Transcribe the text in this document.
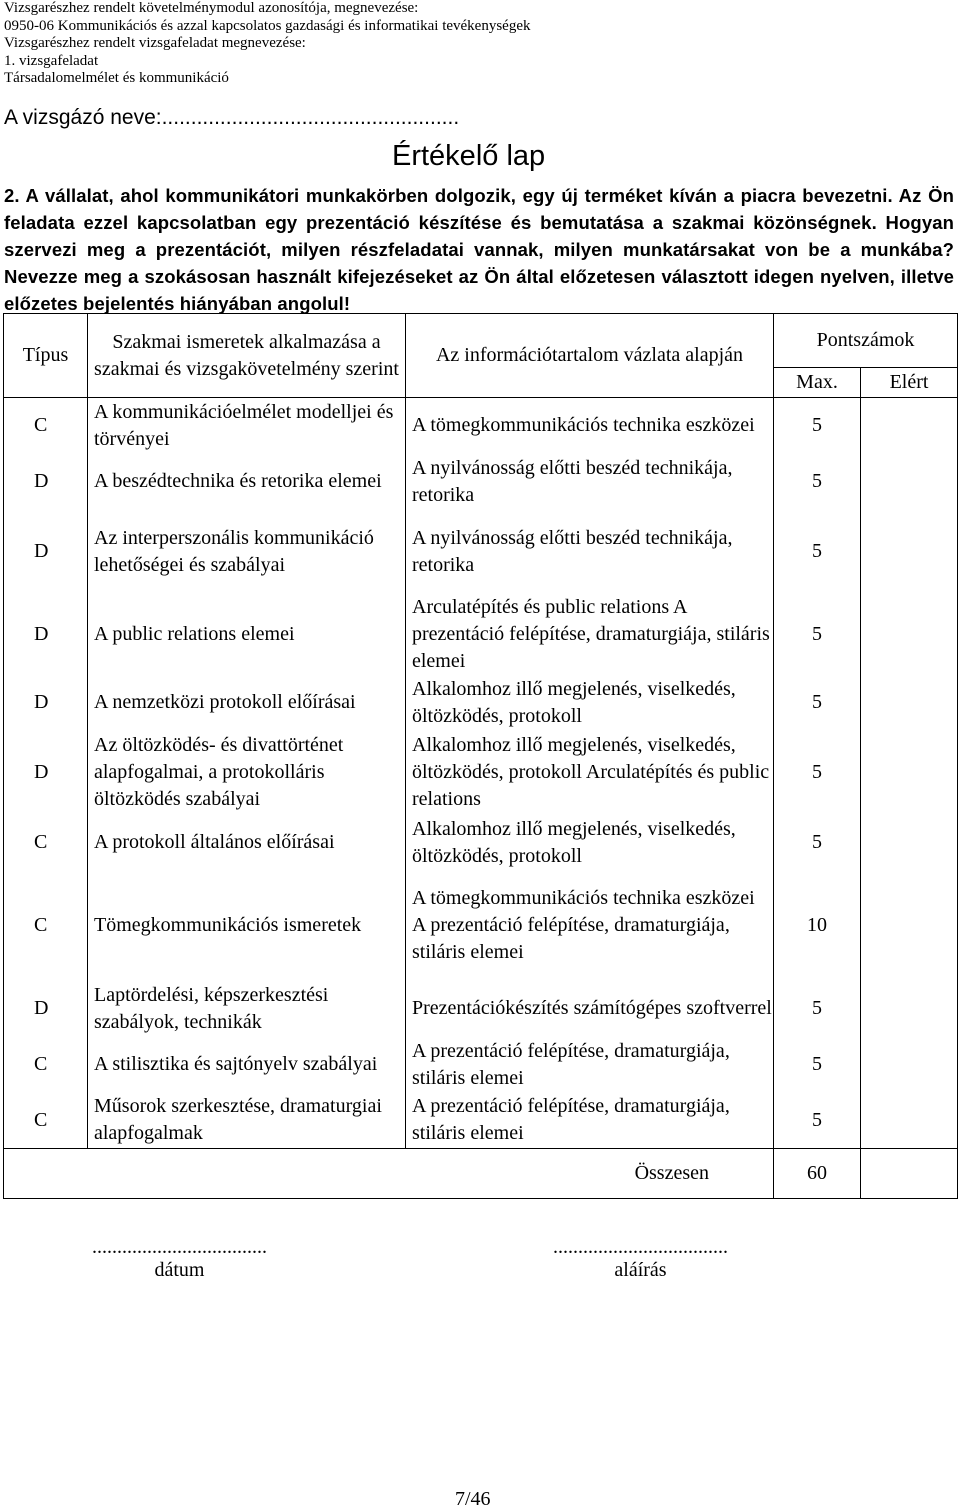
Vizsgarészhez rendelt követelménymodul azonosítója, megnevezése:
0950-06 Kommunikációs és azzal kapcsolatos gazdasági és informatikai tevékenységek
Vizsgarészhez rendelt vizsgafeladat megnevezése:
1. vizsgafeladat
Társadalomelmélet és kommunikáció
A vizsgázó neve:...................................................
Értékelő lap
2. A vállalat, ahol kommunikátori munkakörben dolgozik, egy új terméket kíván a piacra bevezetni. Az Ön feladata ezzel kapcsolatban egy prezentáció készítése és bemutatása a szakmai közönségnek. Hogyan szervezi meg a prezentációt, milyen részfeladatai vannak, milyen munkatársakat von be a munkába? Nevezze meg a szokásosan használt kifejezéseket az Ön által előzetesen választott idegen nyelven, illetve előzetes bejelentés hiányában angolul!
Típus	Szakmai ismeretek alkalmazása a szakmai és vizsgakövetelmény szerint	Az információtartalom vázlata alapján	Pontszámok	
			Max.	Elért
C	A kommunikációelmélet modelljei és törvényei	A tömegkommunikációs technika eszközei	5	
D	A beszédtechnika és retorika elemei	A nyilvánosság előtti beszéd technikája, retorika	5	
D	Az interperszonális kommunikáció lehetőségei és szabályai	A nyilvánosság előtti beszéd technikája, retorika	5	
D	A public relations elemei	Arculatépítés és public relations A prezentáció felépítése, dramaturgiája, stiláris elemei	5	
D	A nemzetközi protokoll előírásai	Alkalomhoz illő megjelenés, viselkedés, öltözködés, protokoll	5	
D	Az öltözködés- és divattörténet alapfogalmai, a protokolláris öltözködés szabályai	Alkalomhoz illő megjelenés, viselkedés, öltözködés, protokoll Arculatépítés és public relations	5	
C	A protokoll általános előírásai	Alkalomhoz illő megjelenés, viselkedés, öltözködés, protokoll	5	
C	Tömegkommunikációs ismeretek	A tömegkommunikációs technika eszközei A prezentáció felépítése, dramaturgiája, stiláris elemei	10	
D	Laptördelési, képszerkesztési szabályok, technikák	Prezentációkészítés számítógépes szoftverrel	5	
C	A stilisztika és sajtónyelv szabályai	A prezentáció felépítése, dramaturgiája, stiláris elemei	5	
C	Műsorok szerkesztése, dramaturgiai alapfogalmak	A prezentáció felépítése, dramaturgiája, stiláris elemei	5	
Összesen			60	
...................................
dátum
...................................
aláírás
7/46
